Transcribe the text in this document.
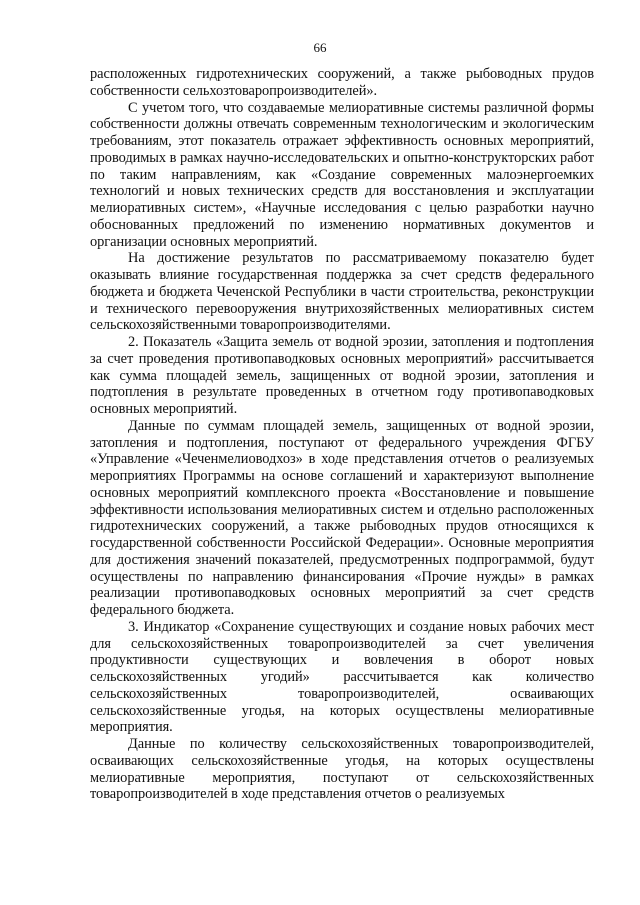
66

расположенных гидротехнических сооружений, а также рыбоводных прудов собственности сельхозтоваропроизводителей».

С учетом того, что создаваемые мелиоративные системы различной формы собственности должны отвечать современным технологическим и экологическим требованиям, этот показатель отражает эффективность основных мероприятий, проводимых в рамках научно-исследовательских и опытно-конструкторских работ по таким направлениям, как «Создание современных малоэнергоемких технологий и новых технических средств для восстановления и эксплуатации мелиоративных систем», «Научные исследования с целью разработки научно обоснованных предложений по изменению нормативных документов и организации основных мероприятий.

На достижение результатов по рассматриваемому показателю будет оказывать влияние государственная поддержка за счет средств федерального бюджета и бюджета Чеченской Республики в части строительства, реконструкции и технического перевооружения внутрихозяйственных мелиоративных систем сельскохозяйственными товаропроизводителями.

2. Показатель «Защита земель от водной эрозии, затопления и подтопления за счет проведения противопаводковых основных мероприятий» рассчитывается как сумма площадей земель, защищенных от водной эрозии, затопления и подтопления в результате проведенных в отчетном году противопаводковых основных мероприятий.

Данные по суммам площадей земель, защищенных от водной эрозии, затопления и подтопления, поступают от федерального учреждения ФГБУ «Управление «Чеченмелиоводхоз» в ходе представления отчетов о реализуемых мероприятиях Программы на основе соглашений и характеризуют выполнение основных мероприятий комплексного проекта «Восстановление и повышение эффективности использования мелиоративных систем и отдельно расположенных гидротехнических сооружений, а также рыбоводных прудов относящихся к государственной собственности Российской Федерации». Основные мероприятия для достижения значений показателей, предусмотренных подпрограммой, будут осуществлены по направлению финансирования «Прочие нужды» в рамках реализации противопаводковых основных мероприятий за счет средств федерального бюджета.

3. Индикатор «Сохранение существующих и создание новых рабочих мест для сельскохозяйственных товаропроизводителей за счет увеличения продуктивности существующих и вовлечения в оборот новых сельскохозяйственных угодий» рассчитывается как количество сельскохозяйственных товаропроизводителей, осваивающих сельскохозяйственные угодья, на которых осуществлены мелиоративные мероприятия.

Данные по количеству сельскохозяйственных товаропроизводителей, осваивающих сельскохозяйственные угодья, на которых осуществлены мелиоративные мероприятия, поступают от сельскохозяйственных товаропроизводителей в ходе представления отчетов о реализуемых
